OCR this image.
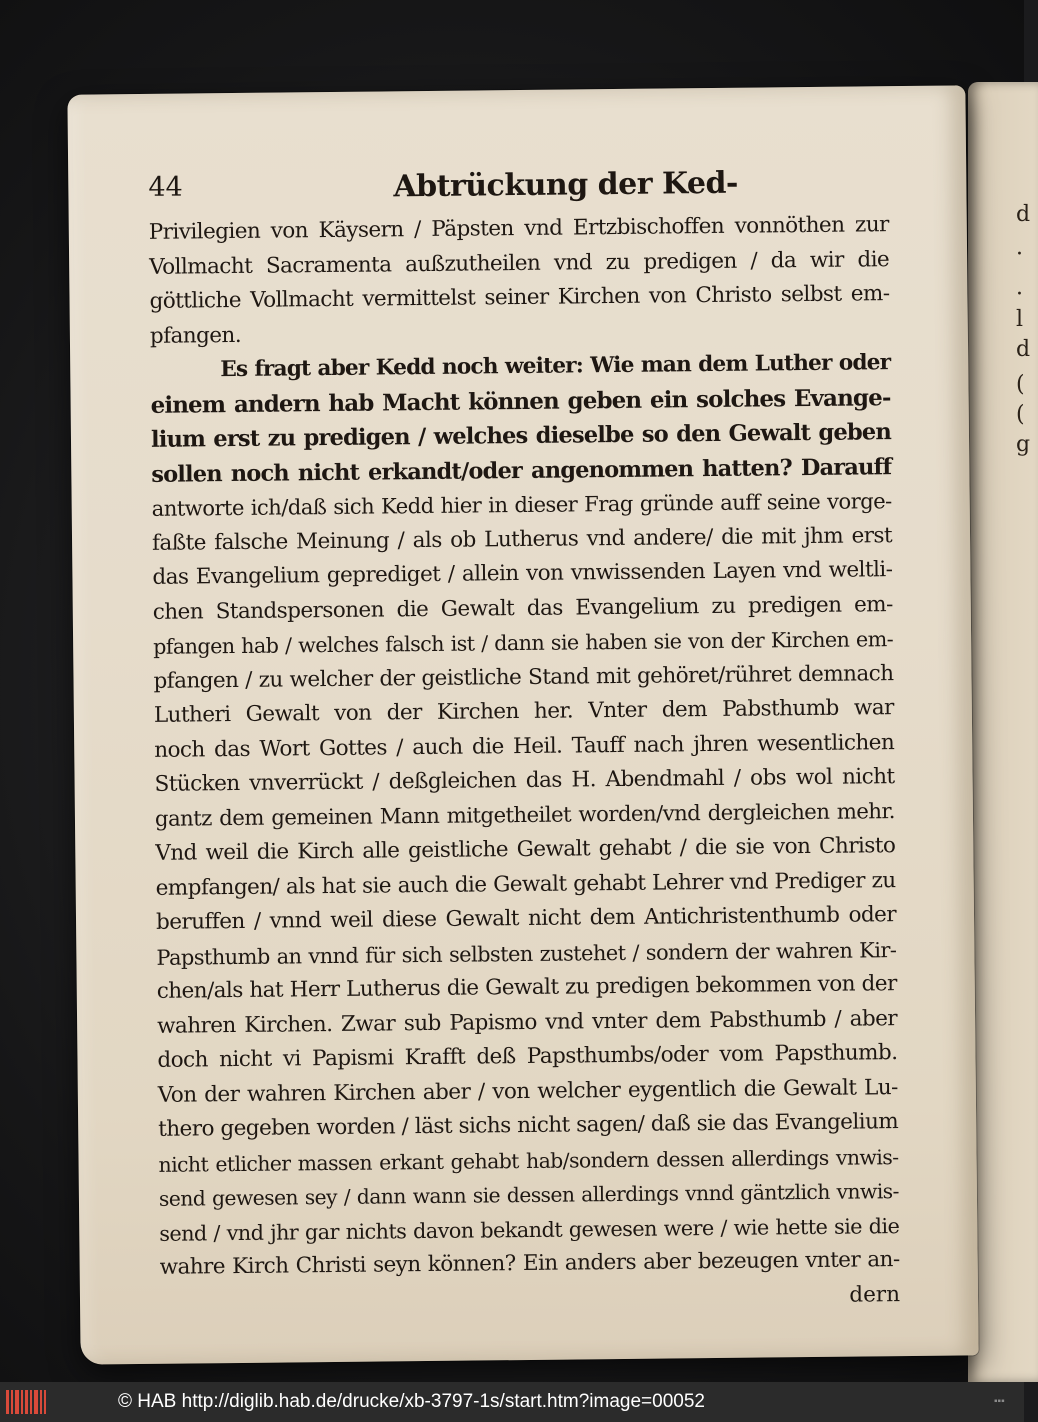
d
·
·
l
d
(
(
g
44	Abtrückung der Ked-
Privilegien von Käysern / Päpsten vnd Ertzbischoffen vonnöthen zur
Vollmacht Sacramenta außzutheilen vnd zu predigen / da wir die
göttliche Vollmacht vermittelst seiner Kirchen von Christo selbst em-
pfangen.
Es fragt aber Kedd noch weiter: Wie man dem Luther oder
einem andern hab Macht können geben ein solches Evange-
lium erst zu predigen / welches dieselbe so den Gewalt geben
sollen noch nicht erkandt/oder angenommen hatten? Darauff
antworte ich/daß sich Kedd hier in dieser Frag gründe auff seine vorge-
faßte falsche Meinung / als ob Lutherus vnd andere/ die mit jhm erst
das Evangelium geprediget / allein von vnwissenden Layen vnd weltli-
chen Standspersonen die Gewalt das Evangelium zu predigen em-
pfangen hab / welches falsch ist / dann sie haben sie von der Kirchen em-
pfangen / zu welcher der geistliche Stand mit gehöret/rühret demnach
Lutheri Gewalt von der Kirchen her. Vnter dem Pabsthumb war
noch das Wort Gottes / auch die Heil. Tauff nach jhren wesentlichen
Stücken vnverrückt / deßgleichen das H. Abendmahl / obs wol nicht
gantz dem gemeinen Mann mitgetheilet worden/vnd dergleichen mehr.
Vnd weil die Kirch alle geistliche Gewalt gehabt / die sie von Christo
empfangen/ als hat sie auch die Gewalt gehabt Lehrer vnd Prediger zu
beruffen / vnnd weil diese Gewalt nicht dem Antichristenthumb oder
Papsthumb an vnnd für sich selbsten zustehet / sondern der wahren Kir-
chen/als hat Herr Lutherus die Gewalt zu predigen bekommen von der
wahren Kirchen. Zwar sub Papismo vnd vnter dem Pabsthumb / aber
doch nicht vi Papismi Krafft deß Papsthumbs/oder vom Papsthumb.
Von der wahren Kirchen aber / von welcher eygentlich die Gewalt Lu-
thero gegeben worden / läst sichs nicht sagen/ daß sie das Evangelium
nicht etlicher massen erkant gehabt hab/sondern dessen allerdings vnwis-
send gewesen sey / dann wann sie dessen allerdings vnnd gäntzlich vnwis-
send / vnd jhr gar nichts davon bekandt gewesen were / wie hette sie die
wahre Kirch Christi seyn können? Ein anders aber bezeugen vnter an-
dern
© HAB http://diglib.hab.de/drucke/xb-3797-1s/start.htm?image=00052	▪▪▪
